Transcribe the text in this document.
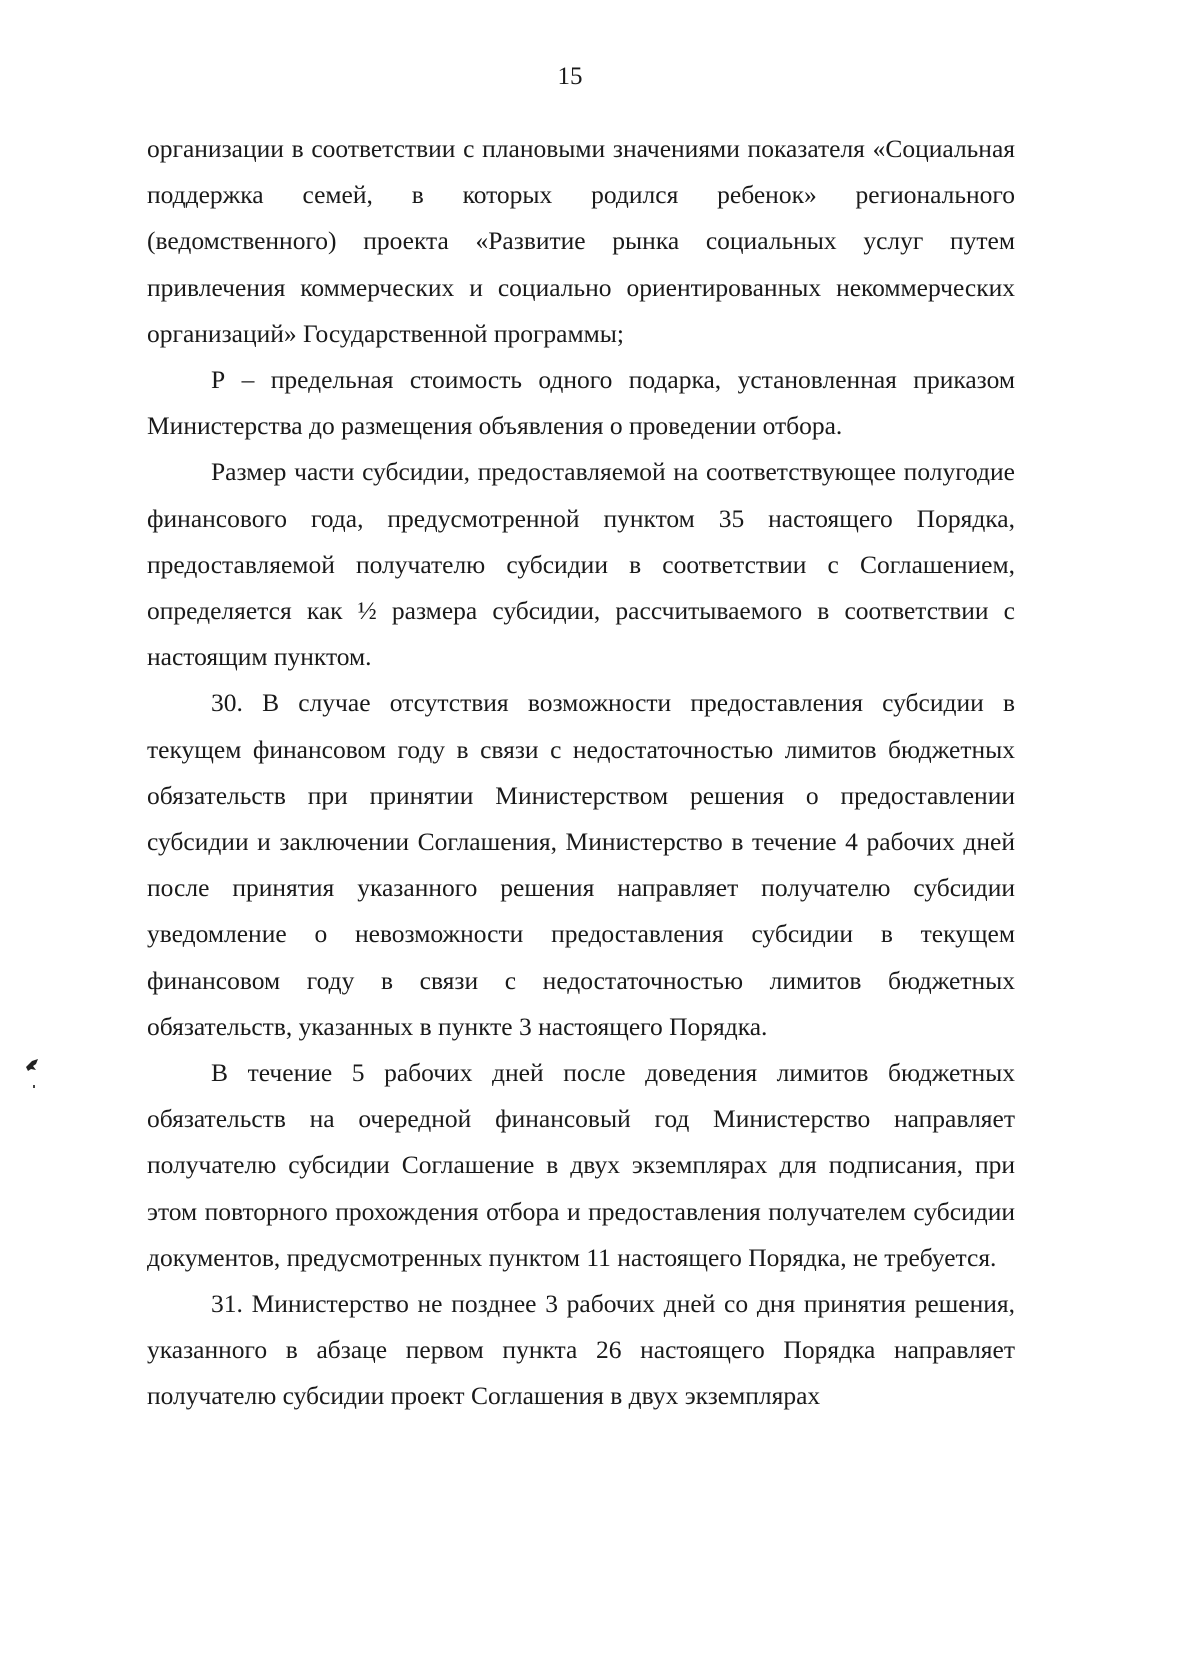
15

организации в соответствии с плановыми значениями показателя «Социальная поддержка семей, в которых родился ребенок» регионального (ведомственного) проекта «Развитие рынка социальных услуг путем привлечения коммерческих и социально ориентированных некоммерческих организаций» Государственной программы;

Р – предельная стоимость одного подарка, установленная приказом Министерства до размещения объявления о проведении отбора.

Размер части субсидии, предоставляемой на соответствующее полугодие финансового года, предусмотренной пунктом 35 настоящего Порядка, предоставляемой получателю субсидии в соответствии с Соглашением, определяется как ½ размера субсидии, рассчитываемого в соответствии с настоящим пунктом.

30. В случае отсутствия возможности предоставления субсидии в текущем финансовом году в связи с недостаточностью лимитов бюджетных обязательств при принятии Министерством решения о предоставлении субсидии и заключении Соглашения, Министерство в течение 4 рабочих дней после принятия указанного решения направляет получателю субсидии уведомление о невозможности предоставления субсидии в текущем финансовом году в связи с недостаточностью лимитов бюджетных обязательств, указанных в пункте 3 настоящего Порядка.

В течение 5 рабочих дней после доведения лимитов бюджетных обязательств на очередной финансовый год Министерство направляет получателю субсидии Соглашение в двух экземплярах для подписания, при этом повторного прохождения отбора и предоставления получателем субсидии документов, предусмотренных пунктом 11 настоящего Порядка, не требуется.

31. Министерство не позднее 3 рабочих дней со дня принятия решения, указанного в абзаце первом пункта 26 настоящего Порядка направляет получателю субсидии проект Соглашения в двух экземплярах
